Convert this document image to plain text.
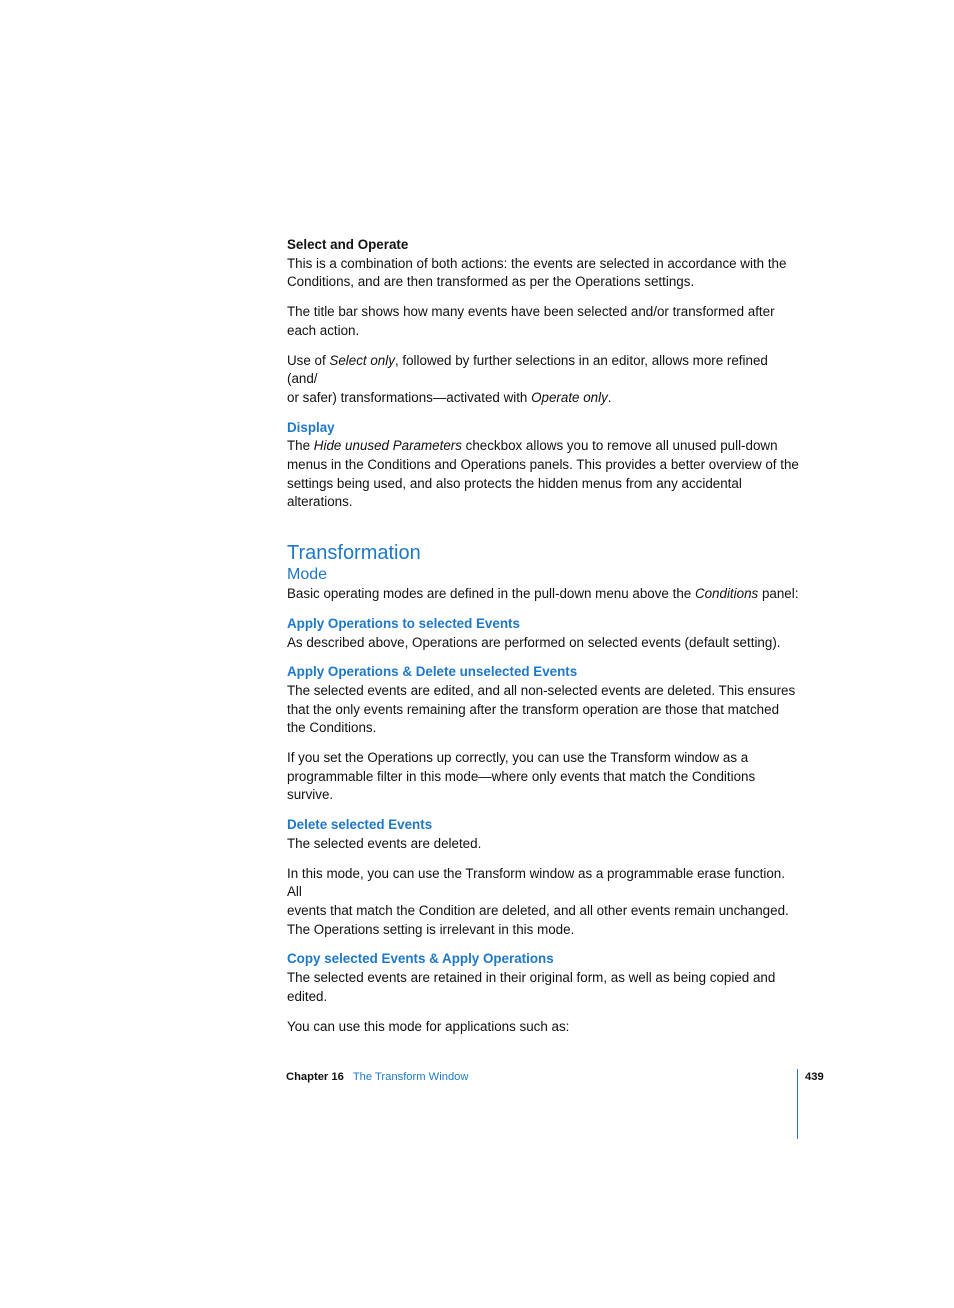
Select and Operate

This is a combination of both actions: the events are selected in accordance with the
Conditions, and are then transformed as per the Operations settings.

The title bar shows how many events have been selected and/or transformed after
each action.

Use of Select only, followed by further selections in an editor, allows more refined (and/
or safer) transformations—activated with Operate only.

Display

The Hide unused Parameters checkbox allows you to remove all unused pull-down
menus in the Conditions and Operations panels. This provides a better overview of the
settings being used, and also protects the hidden menus from any accidental
alterations.

Transformation
Mode

Basic operating modes are defined in the pull-down menu above the Conditions panel:

Apply Operations to selected Events

As described above, Operations are performed on selected events (default setting).

Apply Operations & Delete unselected Events

The selected events are edited, and all non-selected events are deleted. This ensures
that the only events remaining after the transform operation are those that matched
the Conditions.

If you set the Operations up correctly, you can use the Transform window as a
programmable filter in this mode—where only events that match the Conditions
survive.

Delete selected Events

The selected events are deleted.

In this mode, you can use the Transform window as a programmable erase function. All
events that match the Condition are deleted, and all other events remain unchanged.
The Operations setting is irrelevant in this mode.

Copy selected Events & Apply Operations

The selected events are retained in their original form, as well as being copied and
edited.

You can use this mode for applications such as:

Chapter 16 The Transform Window	439
